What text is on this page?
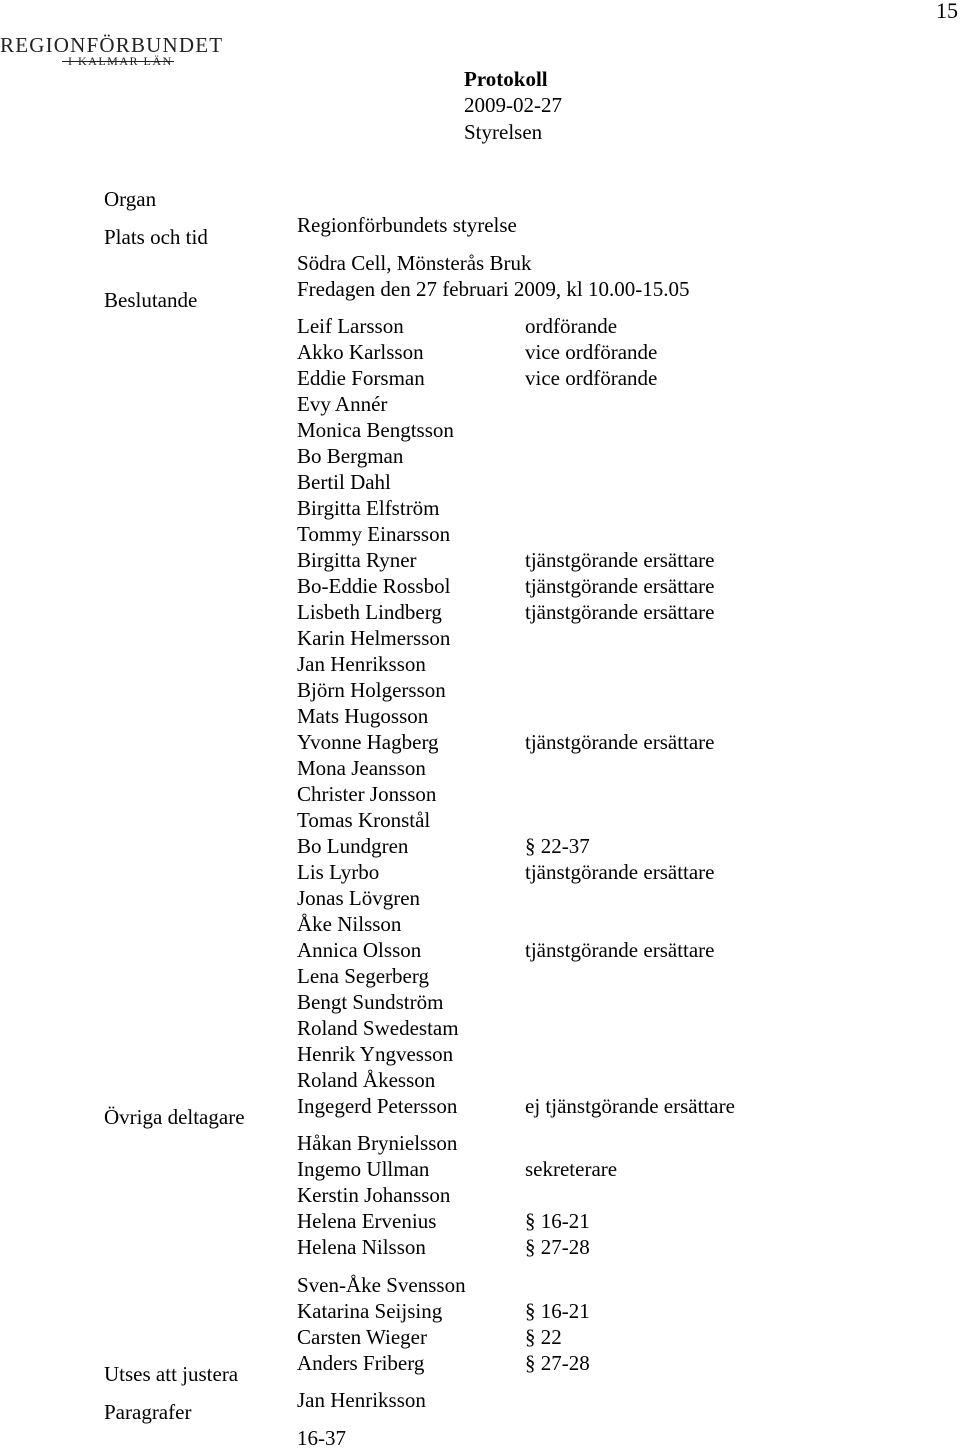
15
REGIONFÖRBUNDET
I KALMAR LÄN
Protokoll
2009-02-27
Styrelsen
Organ
Regionförbundets styrelse
Plats och tid
Södra Cell, Mönsterås Bruk
Fredagen den 27 februari 2009, kl 10.00-15.05
Beslutande
Leif Larsson	ordförande
Akko Karlsson	vice ordförande
Eddie Forsman	vice ordförande
Evy Annér
Monica Bengtsson
Bo Bergman
Bertil Dahl
Birgitta Elfström
Tommy Einarsson
Birgitta Ryner	tjänstgörande ersättare
Bo-Eddie Rossbol	tjänstgörande ersättare
Lisbeth Lindberg	tjänstgörande ersättare
Karin Helmersson
Jan Henriksson
Björn Holgersson
Mats Hugosson
Yvonne Hagberg	tjänstgörande ersättare
Mona Jeansson
Christer Jonsson
Tomas Kronstål
Bo Lundgren	§ 22-37
Lis Lyrbo	tjänstgörande ersättare
Jonas Lövgren
Åke Nilsson
Annica Olsson	tjänstgörande ersättare
Lena Segerberg
Bengt Sundström
Roland Swedestam
Henrik Yngvesson
Roland Åkesson
Ingegerd Petersson	ej tjänstgörande ersättare
Övriga deltagare
Håkan Brynielsson
Ingemo Ullman	sekreterare
Kerstin Johansson
Helena Ervenius	§ 16-21
Helena Nilsson	§ 27-28
Sven-Åke Svensson
Katarina Seijsing	§ 16-21
Carsten Wieger	§ 22
Anders Friberg	§ 27-28
Utses att justera
Jan Henriksson
Paragrafer
16-37
